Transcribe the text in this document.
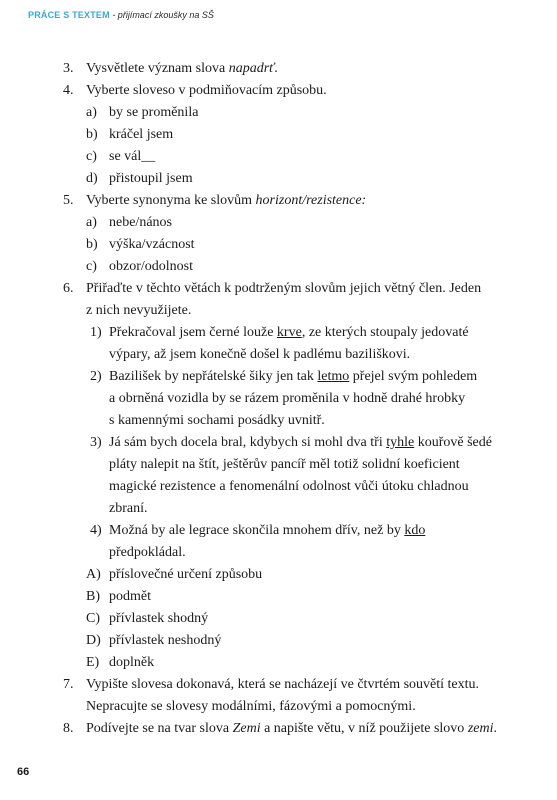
PRÁCE S TEXTEM - přijímací zkoušky na SŠ
3. Vysvětlete význam slova napadrť.
4. Vyberte sloveso v podmiňovacím způsobu.
a) by se proměnila
b) kráčel jsem
c) se vál__
d) přistoupil jsem
5. Vyberte synonyma ke slovům horizont/rezistence:
a) nebe/nános
b) výška/vzácnost
c) obzor/odolnost
6. Přiřaďte v těchto větách k podtrženým slovům jejich větný člen. Jeden
z nich nevyužijete.
1) Překračoval jsem černé louže krve, ze kterých stoupaly jedovaté
výpary, až jsem konečně došel k padlému baziliškovi.
2) Bazilišek by nepřátelské šiky jen tak letmo přejel svým pohledem
a obrněná vozidla by se rázem proměnila v hodně drahé hrobky
s kamennými sochami posádky uvnitř.
3) Já sám bych docela bral, kdybych si mohl dva tři tyhle kouřově šedé
pláty nalepit na štít, ještěrův pancíř měl totiž solidní koeficient
magické rezistence a fenomenální odolnost vůči útoku chladnou
zbraní.
4) Možná by ale legrace skončila mnohem dřív, než by kdo
předpokládal.
A) příslovečné určení způsobu
B) podmět
C) přívlastek shodný
D) přívlastek neshodný
E) doplněk
7. Vypište slovesa dokonavá, která se nacházejí ve čtvrtém souvětí textu.
Nepracujte se slovesy modálními, fázovými a pomocnými.
8. Podívejte se na tvar slova Zemi a napište větu, v níž použijete slovo zemi.
66
